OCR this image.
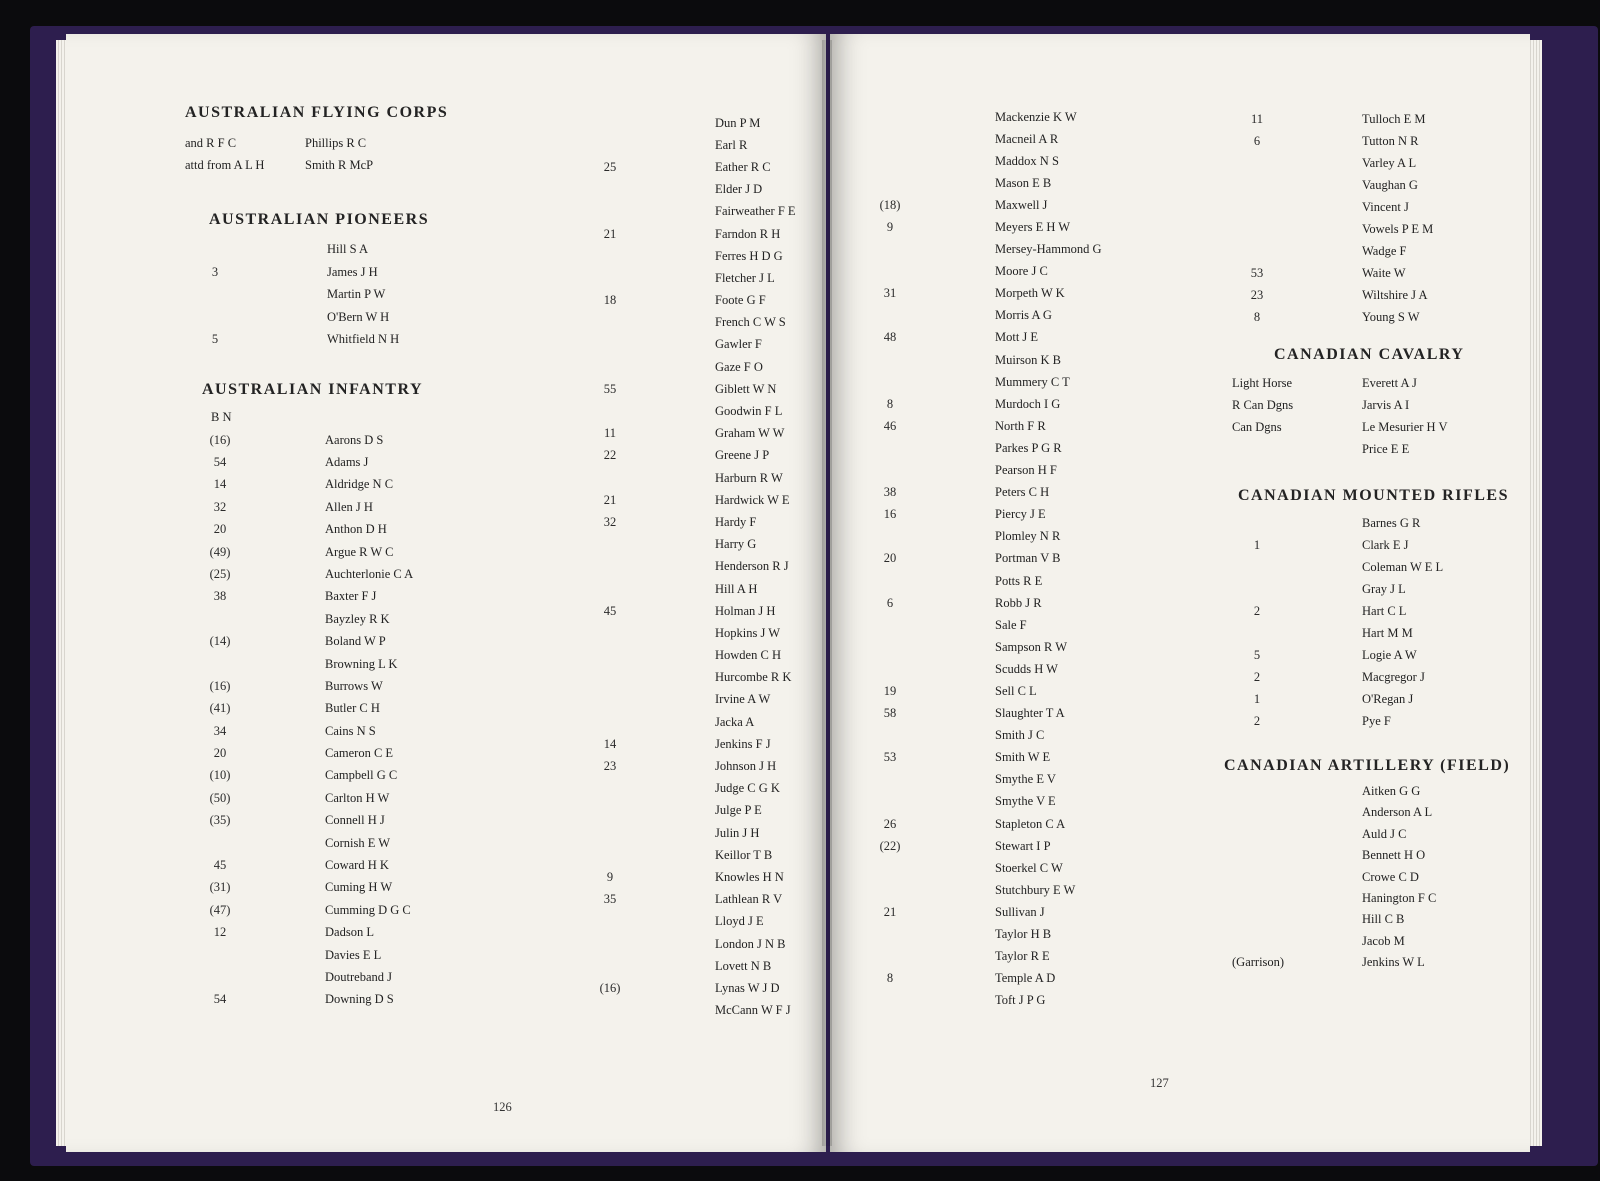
AUSTRALIAN FLYING CORPS
and R F C	Phillips R C
attd from A L H	Smith R McP
AUSTRALIAN PIONEERS
Hill S A
3	James J H
Martin P W
O'Bern W H
5	Whitfield N H
AUSTRALIAN INFANTRY
B N
(16)	Aarons D S
54	Adams J
14	Aldridge N C
32	Allen J H
20	Anthon D H
(49)	Argue R W C
(25)	Auchterlonie C A
38	Baxter F J
Bayzley R K
(14)	Boland W P
Browning L K
(16)	Burrows W
(41)	Butler C H
34	Cains N S
20	Cameron C E
(10)	Campbell G C
(50)	Carlton H W
(35)	Connell H J
Cornish E W
45	Coward H K
(31)	Cuming H W
(47)	Cumming D G C
12	Dadson L
Davies E L
Doutreband J
54	Downing D S
Dun P M
Earl R
25	Eather R C
Elder J D
Fairweather F E
21	Farndon R H
Ferres H D G
Fletcher J L
18	Foote G F
French C W S
Gawler F
Gaze F O
55	Giblett W N
Goodwin F L
11	Graham W W
22	Greene J P
Harburn R W
21	Hardwick W E
32	Hardy F
Harry G
Henderson R J
Hill A H
45	Holman J H
Hopkins J W
Howden C H
Hurcombe R K
Irvine A W
Jacka A
14	Jenkins F J
23	Johnson J H
Judge C G K
Julge P E
Julin J H
Keillor T B
9	Knowles H N
35	Lathlean R V
Lloyd J E
London J N B
Lovett N B
(16)	Lynas W J D
McCann W F J
126
Mackenzie K W
Macneil A R
Maddox N S
Mason E B
(18)	Maxwell J
9	Meyers E H W
Mersey-Hammond G
Moore J C
31	Morpeth W K
Morris A G
48	Mott J E
Muirson K B
Mummery C T
8	Murdoch I G
46	North F R
Parkes P G R
Pearson H F
38	Peters C H
16	Piercy J E
Plomley N R
20	Portman V B
Potts R E
6	Robb J R
Sale F
Sampson R W
Scudds H W
19	Sell C L
58	Slaughter T A
Smith J C
53	Smith W E
Smythe E V
Smythe V E
26	Stapleton C A
(22)	Stewart I P
Stoerkel C W
Stutchbury E W
21	Sullivan J
Taylor H B
Taylor R E
8	Temple A D
Toft J P G
11	Tulloch E M
6	Tutton N R
Varley A L
Vaughan G
Vincent J
Vowels P E M
Wadge F
53	Waite W
23	Wiltshire J A
8	Young S W
CANADIAN CAVALRY
Light Horse	Everett A J
R Can Dgns	Jarvis A I
Can Dgns	Le Mesurier H V
Price E E
CANADIAN MOUNTED RIFLES
Barnes G R
1	Clark E J
Coleman W E L
Gray J L
2	Hart C L
Hart M M
5	Logie A W
2	Macgregor J
1	O'Regan J
2	Pye F
CANADIAN ARTILLERY (FIELD)
Aitken G G
Anderson A L
Auld J C
Bennett H O
Crowe C D
Hanington F C
Hill C B
Jacob M
(Garrison)	Jenkins W L
127
